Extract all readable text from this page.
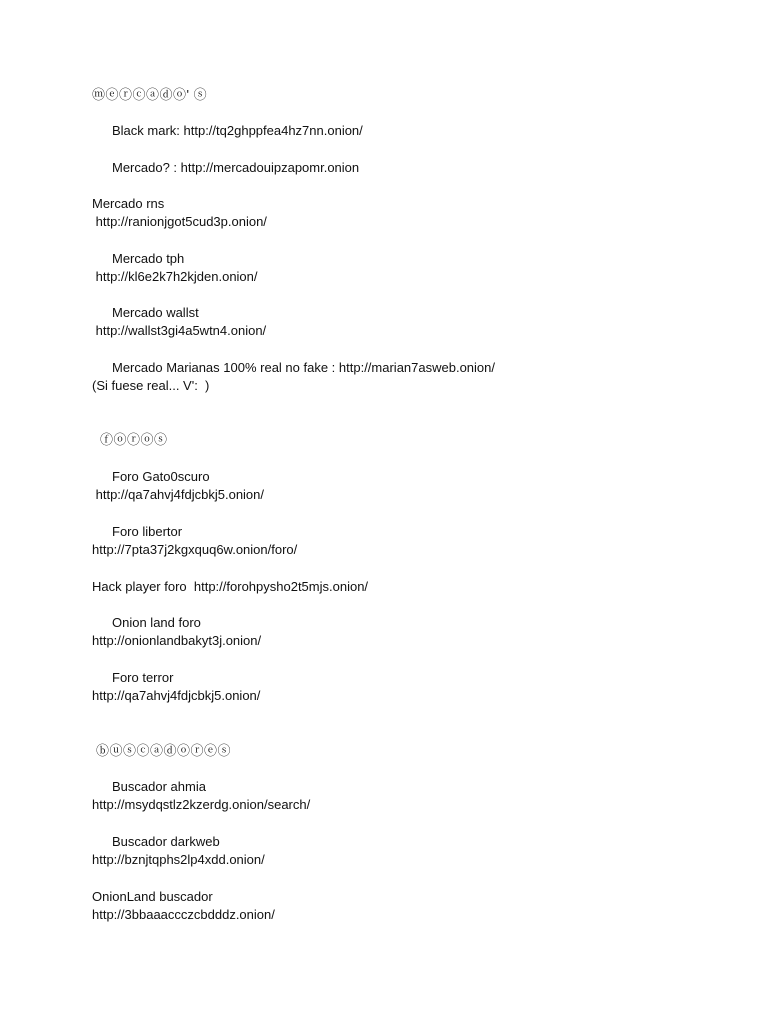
ⓜⓔⓡⓒⓐⓓⓞ' ⓢ
Black mark: http://tq2ghppfea4hz7nn.onion/
Mercado? : http://mercadouipzapomr.onion
Mercado rns
http://ranionjgot5cud3p.onion/
Mercado tph
http://kl6e2k7h2kjden.onion/
Mercado wallst
http://wallst3gi4a5wtn4.onion/
Mercado Marianas 100% real no fake : http://marian7asweb.onion/
(Si fuese real... V':  )
ⓕⓞⓡⓞⓢ
Foro Gato0scuro
http://qa7ahvj4fdjcbkj5.onion/
Foro libertor
http://7pta37j2kgxquq6w.onion/foro/
Hack player foro  http://forohpysho2t5mjs.onion/
Onion land foro
http://onionlandbakyt3j.onion/
Foro terror
http://qa7ahvj4fdjcbkj5.onion/
ⓑⓤⓢⓒⓐⓓⓞⓡⓔⓢ
Buscador ahmia
http://msydqstlz2kzerdg.onion/search/
Buscador darkweb
http://bznjtqphs2lp4xdd.onion/
OnionLand buscador
http://3bbaaaccczcbdddz.onion/
